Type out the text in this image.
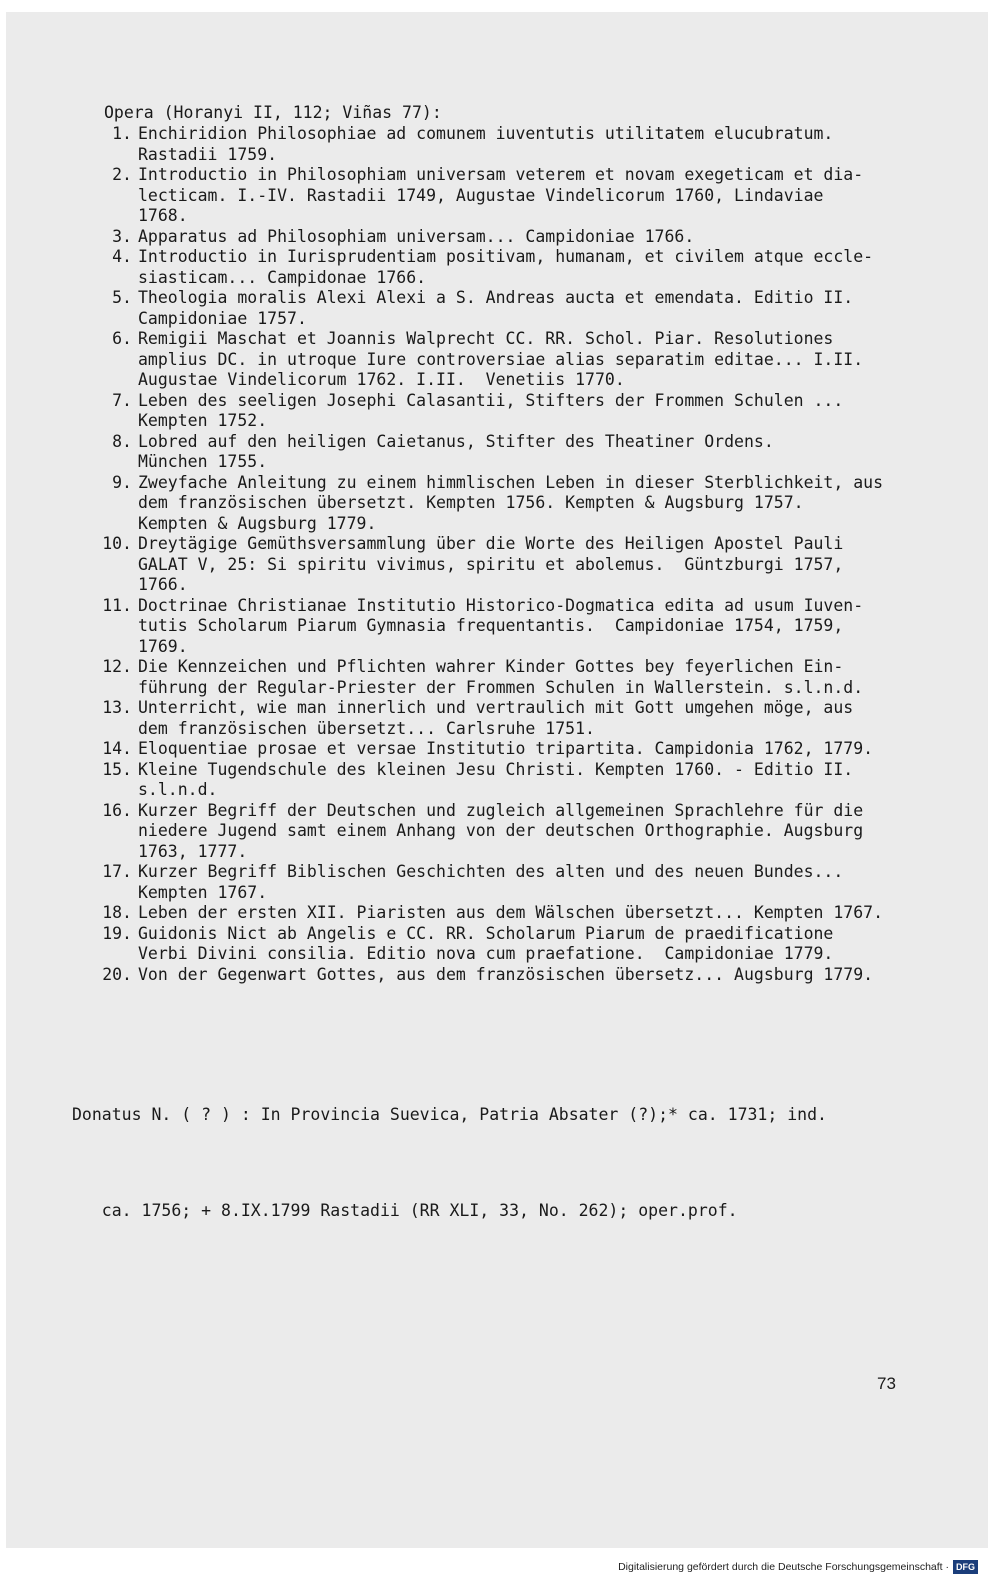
Opera (Horanyi II, 112; Viñas 77):
1. Enchiridion Philosophiae ad comunem iuventutis utilitatem elucubratum.
Rastadii 1759.
2. Introductio in Philosophiam universam veterem et novam exegeticam et dia-
lecticam. I.-IV. Rastadii 1749, Augustae Vindelicorum 1760, Lindaviae
1768.
3. Apparatus ad Philosophiam universam... Campidoniae 1766.
4. Introductio in Iurisprudentiam positivam, humanam, et civilem atque eccle-
siasticam... Campidonae 1766.
5. Theologia moralis Alexi Alexi a S. Andreas aucta et emendata. Editio II.
Campidoniae 1757.
6. Remigii Maschat et Joannis Walprecht CC. RR. Schol. Piar. Resolutiones
amplius DC. in utroque Iure controversiae alias separatim editae... I.II.
Augustae Vindelicorum 1762. I.II.  Venetiis 1770.
7. Leben des seeligen Josephi Calasantii, Stifters der Frommen Schulen ...
Kempten 1752.
8. Lobred auf den heiligen Caietanus, Stifter des Theatiner Ordens.
München 1755.
9. Zweyfache Anleitung zu einem himmlischen Leben in dieser Sterblichkeit, aus
dem französischen übersetzt. Kempten 1756. Kempten & Augsburg 1757.
Kempten & Augsburg 1779.
10. Dreytägige Gemüthsversammlung über die Worte des Heiligen Apostel Pauli
GALAT V, 25: Si spiritu vivimus, spiritu et abolemus.  Güntzburgi 1757,
1766.
11. Doctrinae Christianae Institutio Historico-Dogmatica edita ad usum Iuven-
tutis Scholarum Piarum Gymnasia frequentantis.  Campidoniae 1754, 1759,
1769.
12. Die Kennzeichen und Pflichten wahrer Kinder Gottes bey feyerlichen Ein-
führung der Regular-Priester der Frommen Schulen in Wallerstein. s.l.n.d.
13. Unterricht, wie man innerlich und vertraulich mit Gott umgehen möge, aus
dem französischen übersetzt... Carlsruhe 1751.
14. Eloquentiae prosae et versae Institutio tripartita. Campidonia 1762, 1779.
15. Kleine Tugendschule des kleinen Jesu Christi. Kempten 1760. - Editio II.
s.l.n.d.
16. Kurzer Begriff der Deutschen und zugleich allgemeinen Sprachlehre für die
niedere Jugend samt einem Anhang von der deutschen Orthographie. Augsburg
1763, 1777.
17. Kurzer Begriff Biblischen Geschichten des alten und des neuen Bundes...
Kempten 1767.
18. Leben der ersten XII. Piaristen aus dem Wälschen übersetzt... Kempten 1767.
19. Guidonis Nict ab Angelis e CC. RR. Scholarum Piarum de praedificatione
Verbi Divini consilia. Editio nova cum praefatione.  Campidoniae 1779.
20. Von der Gegenwart Gottes, aus dem französischen übersetz... Augsburg 1779.

Donatus N. ( ? ) : In Provincia Suevica, Patria Absater (?);* ca. 1731; ind.

ca. 1756; + 8.IX.1799 Rastadii (RR XLI, 33, No. 262); oper.prof.

73
Digitalisierung gefördert durch die Deutsche Forschungsgemeinschaft · DFG
